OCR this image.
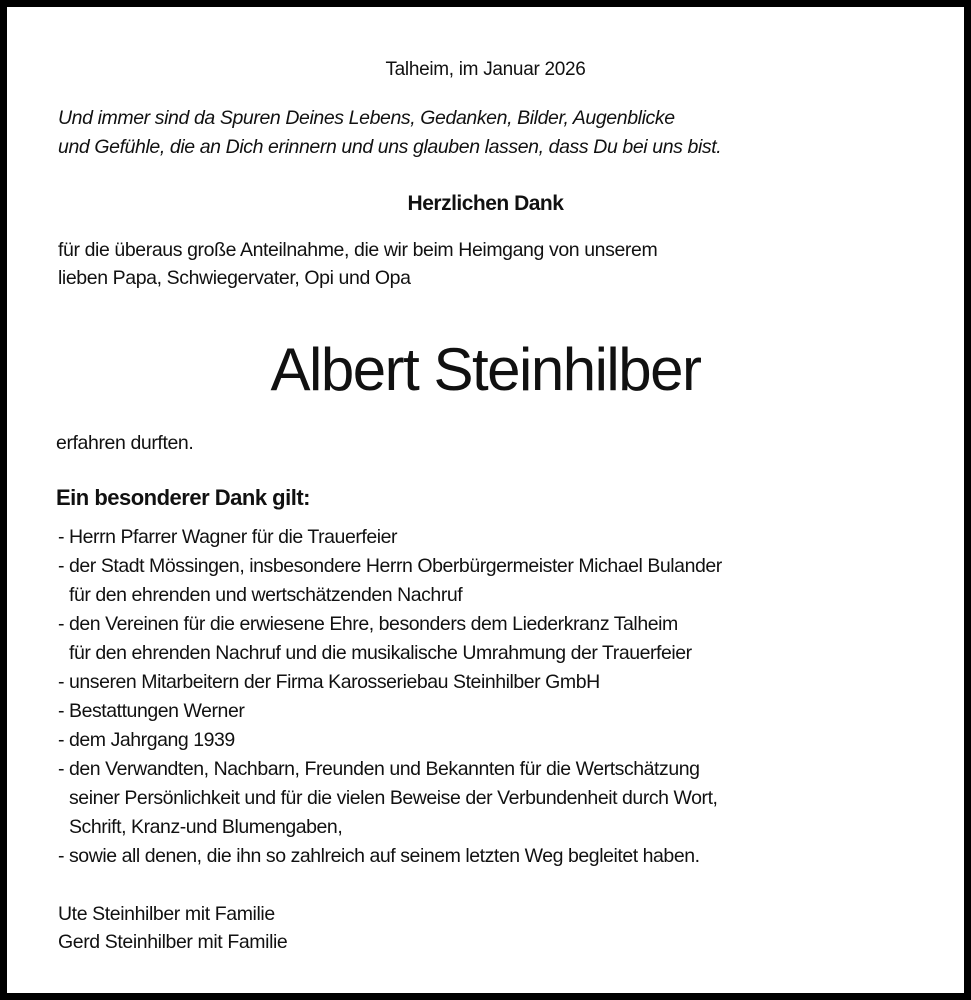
Talheim, im Januar 2026

Und immer sind da Spuren Deines Lebens, Gedanken, Bilder, Augenblicke
und Gefühle, die an Dich erinnern und uns glauben lassen, dass Du bei uns bist.
Herzlichen Dank
für die überaus große Anteilnahme, die wir beim Heimgang von unserem
lieben Papa, Schwiegervater, Opi und Opa
Albert Steinhilber

erfahren durften.

Ein besonderer Dank gilt:
- Herrn Pfarrer Wagner für die Trauerfeier
- der Stadt Mössingen, insbesondere Herrn Oberbürgermeister Michael Bulander
für den ehrenden und wertschätzenden Nachruf
- den Vereinen für die erwiesene Ehre, besonders dem Liederkranz Talheim
für den ehrenden Nachruf und die musikalische Umrahmung der Trauerfeier
- unseren Mitarbeitern der Firma Karosseriebau Steinhilber GmbH
- Bestattungen Werner
- dem Jahrgang 1939
- den Verwandten, Nachbarn, Freunden und Bekannten für die Wertschätzung
seiner Persönlichkeit und für die vielen Beweise der Verbundenheit durch Wort,
Schrift, Kranz-und Blumengaben,
- sowie all denen, die ihn so zahlreich auf seinem letzten Weg begleitet haben.
Ute Steinhilber mit Familie
Gerd Steinhilber mit Familie
